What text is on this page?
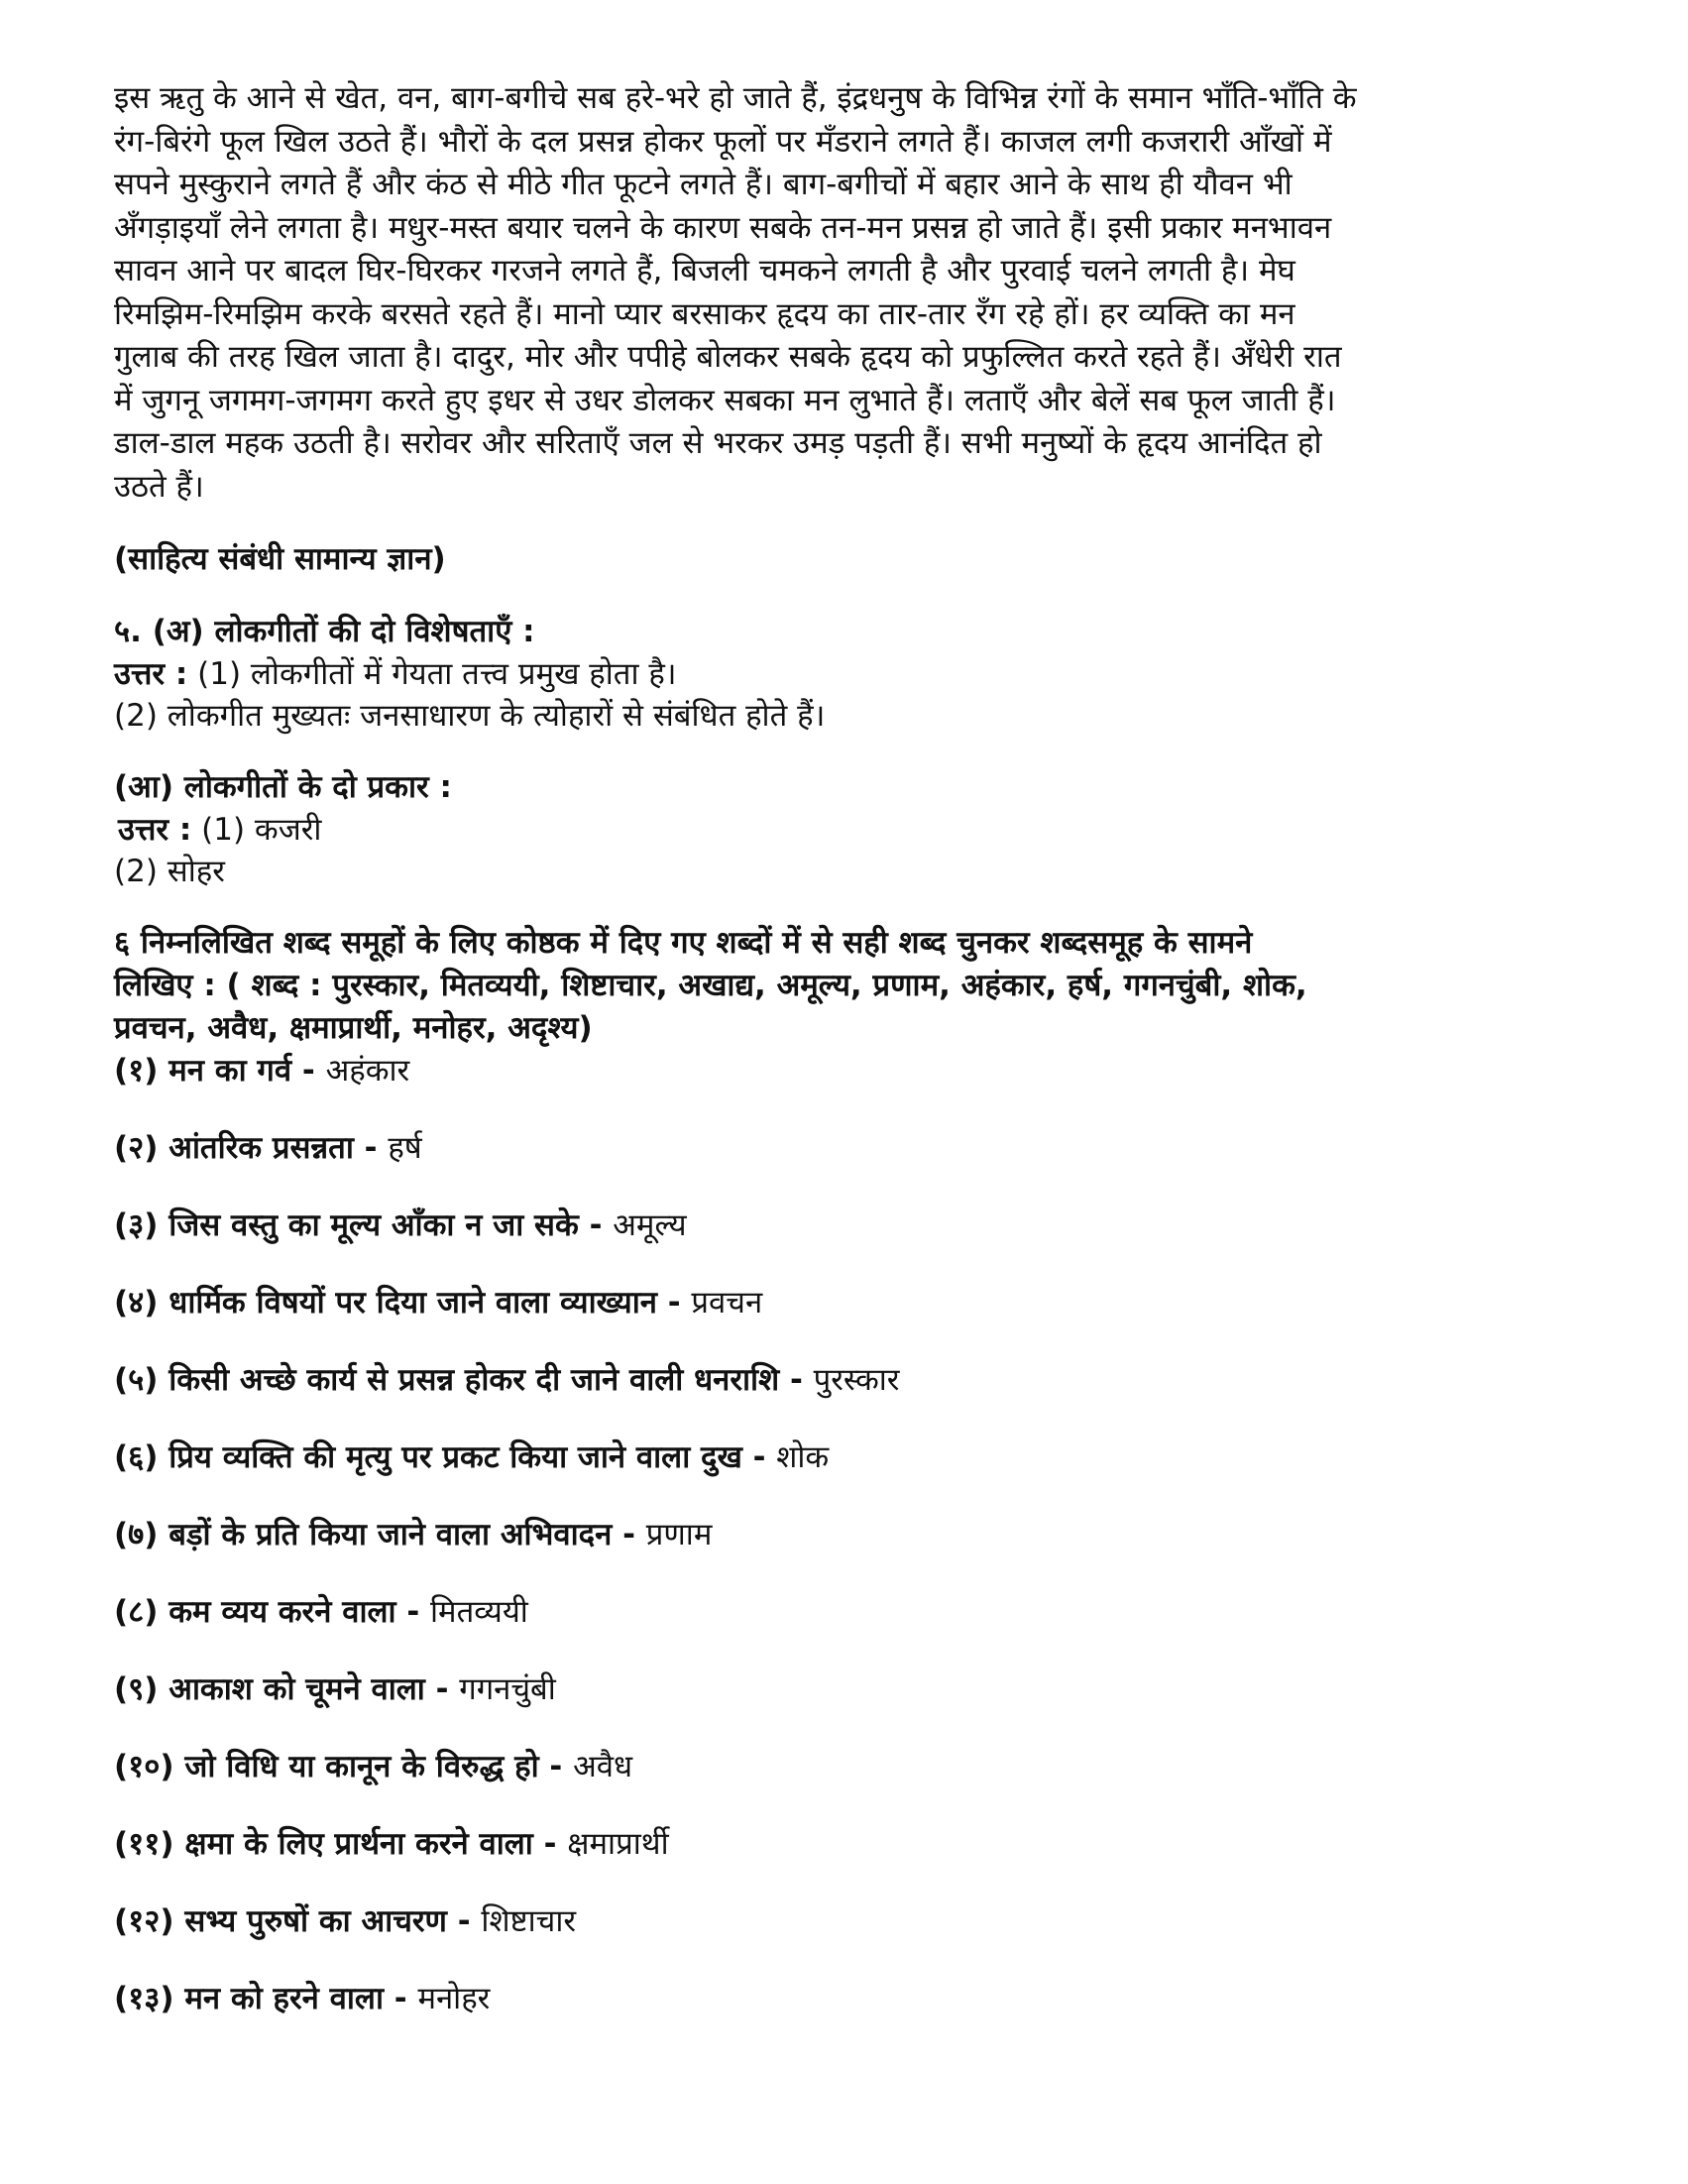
इस ऋतु के आने से खेत, वन, बाग-बगीचे सब हरे-भरे हो जाते हैं, इंद्रधनुष के विभिन्न रंगों के समान भाँति-भाँति के

रंग-बिरंगे फूल खिल उठते हैं। भौरों के दल प्रसन्न होकर फूलों पर मँडराने लगते हैं। काजल लगी कजरारी आँखों में

सपने मुस्कुराने लगते हैं और कंठ से मीठे गीत फूटने लगते हैं। बाग-बगीचों में बहार आने के साथ ही यौवन भी

अँगड़ाइयाँ लेने लगता है। मधुर-मस्त बयार चलने के कारण सबके तन-मन प्रसन्न हो जाते हैं। इसी प्रकार मनभावन

सावन आने पर बादल घिर-घिरकर गरजने लगते हैं, बिजली चमकने लगती है और पुरवाई चलने लगती है। मेघ

रिमझिम-रिमझिम करके बरसते रहते हैं। मानो प्यार बरसाकर हृदय का तार-तार रँग रहे हों। हर व्यक्ति का मन

गुलाब की तरह खिल जाता है। दादुर, मोर और पपीहे बोलकर सबके हृदय को प्रफुल्लित करते रहते हैं। अँधेरी रात

में जुगनू जगमग-जगमग करते हुए इधर से उधर डोलकर सबका मन लुभाते हैं। लताएँ और बेलें सब फूल जाती हैं।

डाल-डाल महक उठती है। सरोवर और सरिताएँ जल से भरकर उमड़ पड़ती हैं। सभी मनुष्यों के हृदय आनंदित हो

उठते हैं।

(साहित्य संबंधी सामान्य ज्ञान)

५. (अ) लोकगीतों की दो विशेषताएँ :

उत्तर : (1) लोकगीतों में गेयता तत्त्व प्रमुख होता है।

(2) लोकगीत मुख्यतः जनसाधारण के त्योहारों से संबंधित होते हैं।

(आ) लोकगीतों के दो प्रकार :

उत्तर : (1) कजरी

(2) सोहर

६ निम्नलिखित शब्द समूहों के लिए कोष्ठक में दिए गए शब्दों में से सही शब्द चुनकर शब्दसमूह के सामने

लिखिए : ( शब्द : पुरस्कार, मितव्ययी, शिष्टाचार, अखाद्य, अमूल्य, प्रणाम, अहंकार, हर्ष, गगनचुंबी, शोक,

प्रवचन, अवैध, क्षमाप्रार्थी, मनोहर, अदृश्य)

(१) मन का गर्व - अहंकार

(२) आंतरिक प्रसन्नता - हर्ष

(३) जिस वस्तु का मूल्य आँका न जा सके - अमूल्य

(४) धार्मिक विषयों पर दिया जाने वाला व्याख्यान - प्रवचन

(५) किसी अच्छे कार्य से प्रसन्न होकर दी जाने वाली धनराशि - पुरस्कार

(६) प्रिय व्यक्ति की मृत्यु पर प्रकट किया जाने वाला दुख - शोक

(७) बड़ों के प्रति किया जाने वाला अभिवादन - प्रणाम

(८) कम व्यय करने वाला - मितव्ययी

(९) आकाश को चूमने वाला - गगनचुंबी

(१०) जो विधि या कानून के विरुद्ध हो - अवैध

(११) क्षमा के लिए प्रार्थना करने वाला - क्षमाप्रार्थी

(१२) सभ्य पुरुषों का आचरण - शिष्टाचार

(१३) मन को हरने वाला - मनोहर
